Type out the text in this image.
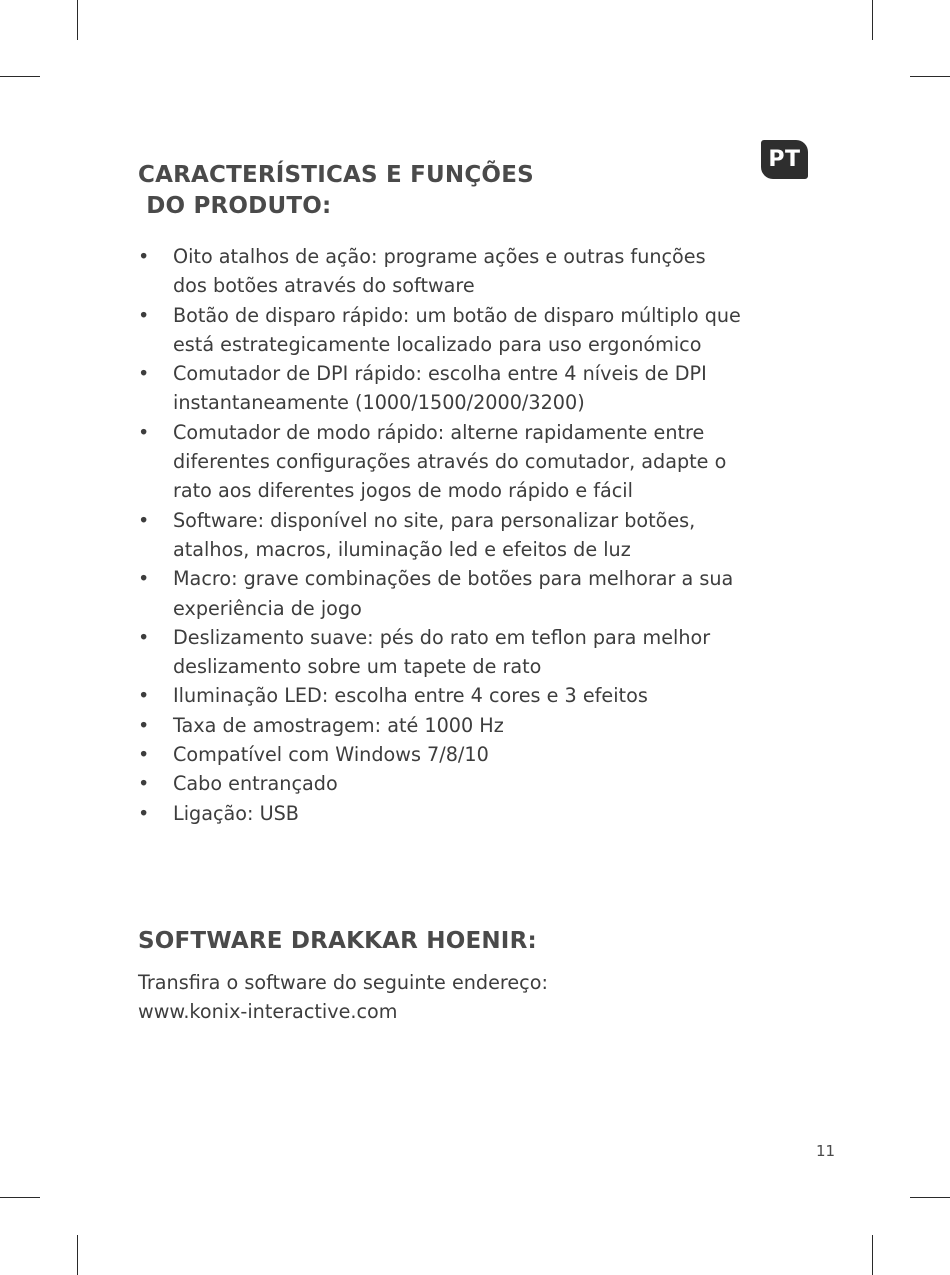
PT
CARACTERÍSTICAS E FUNÇÕES
DO PRODUTO:
• Oito atalhos de ação: programe ações e outras funções
dos botões através do software
• Botão de disparo rápido: um botão de disparo múltiplo que
está estrategicamente localizado para uso ergonómico
• Comutador de DPI rápido: escolha entre 4 níveis de DPI
instantaneamente (1000/1500/2000/3200)
• Comutador de modo rápido: alterne rapidamente entre
diferentes configurações através do comutador, adapte o
rato aos diferentes jogos de modo rápido e fácil
• Software: disponível no site, para personalizar botões,
atalhos, macros, iluminação led e efeitos de luz
• Macro: grave combinações de botões para melhorar a sua
experiência de jogo
• Deslizamento suave: pés do rato em teflon para melhor
deslizamento sobre um tapete de rato
• Iluminação LED: escolha entre 4 cores e 3 efeitos
• Taxa de amostragem: até 1000 Hz
• Compatível com Windows 7/8/10
• Cabo entrançado
• Ligação: USB
SOFTWARE DRAKKAR HOENIR:
Transfira o software do seguinte endereço:
www.konix-interactive.com
11
